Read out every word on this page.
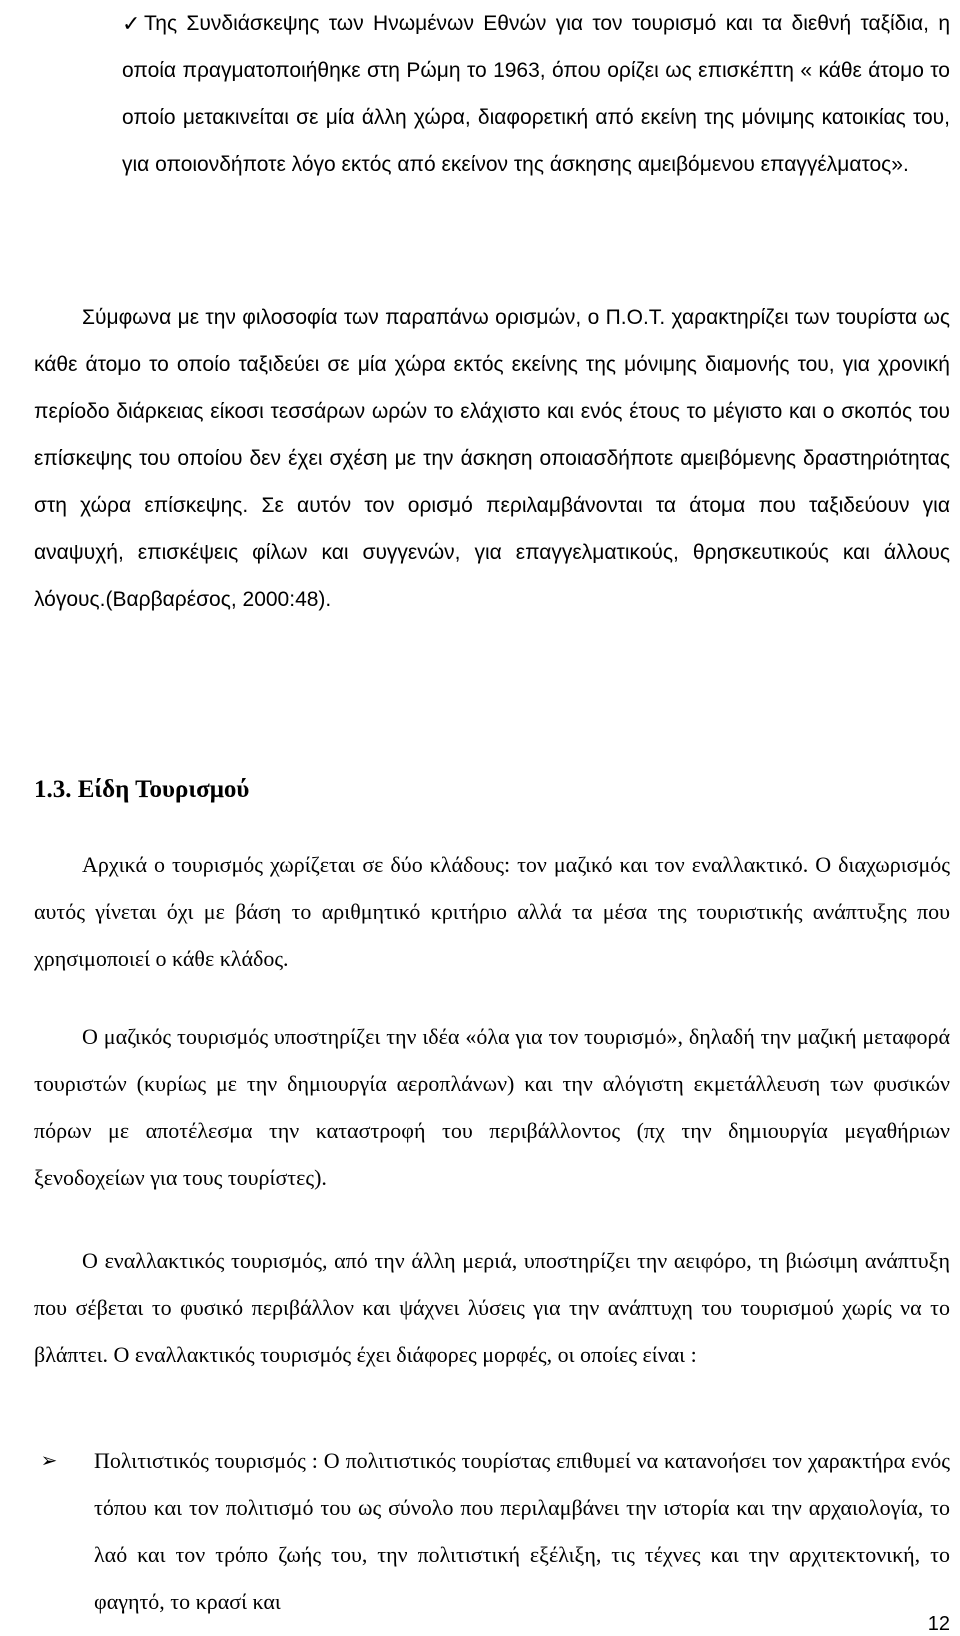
✓ Της Συνδιάσκεψης των Ηνωμένων Εθνών για τον τουρισμό και τα διεθνή ταξίδια, η οποία πραγματοποιήθηκε στη Ρώμη το 1963, όπου ορίζει ως επισκέπτη « κάθε άτομο το οποίο μετακινείται σε μία άλλη χώρα, διαφορετική από εκείνη της μόνιμης κατοικίας του, για οποιονδήποτε λόγο εκτός από εκείνον της άσκησης αμειβόμενου επαγγέλματος».

Σύμφωνα με την φιλοσοφία των παραπάνω ορισμών, ο Π.Ο.Τ. χαρακτηρίζει των τουρίστα ως κάθε άτομο το οποίο ταξιδεύει σε μία χώρα εκτός εκείνης της μόνιμης διαμονής του, για χρονική περίοδο διάρκειας είκοσι τεσσάρων ωρών το ελάχιστο και ενός έτους το μέγιστο και ο σκοπός του επίσκεψης του οποίου δεν έχει σχέση με την άσκηση οποιασδήποτε αμειβόμενης δραστηριότητας στη χώρα επίσκεψης. Σε αυτόν τον ορισμό περιλαμβάνονται τα άτομα που ταξιδεύουν για αναψυχή, επισκέψεις φίλων και συγγενών, για επαγγελματικούς, θρησκευτικούς και άλλους λόγους.(Βαρβαρέσος, 2000:48).

1.3. Είδη Τουρισμού

Αρχικά ο τουρισμός χωρίζεται σε δύο κλάδους: τον μαζικό και τον εναλλακτικό. Ο διαχωρισμός αυτός γίνεται όχι με βάση το αριθμητικό κριτήριο αλλά τα μέσα της τουριστικής ανάπτυξης που χρησιμοποιεί ο κάθε κλάδος.

Ο μαζικός τουρισμός υποστηρίζει την ιδέα «όλα για τον τουρισμό», δηλαδή την μαζική μεταφορά τουριστών (κυρίως με την δημιουργία αεροπλάνων) και την αλόγιστη εκμετάλλευση των φυσικών πόρων με αποτέλεσμα την καταστροφή του περιβάλλοντος (πχ την δημιουργία μεγαθήριων ξενοδοχείων για τους τουρίστες).

Ο εναλλακτικός τουρισμός, από την άλλη μεριά, υποστηρίζει την αειφόρο, τη βιώσιμη ανάπτυξη που σέβεται το φυσικό περιβάλλον και ψάχνει λύσεις για την ανάπτυχη του τουρισμού χωρίς να το βλάπτει. Ο εναλλακτικός τουρισμός έχει διάφορες μορφές, οι οποίες είναι :

➢	Πολιτιστικός τουρισμός : Ο πολιτιστικός τουρίστας επιθυμεί να κατανοήσει τον χαρακτήρα ενός τόπου και τον πολιτισμό του ως σύνολο που περιλαμβάνει την ιστορία και την αρχαιολογία, το λαό και τον τρόπο ζωής του, την πολιτιστική εξέλιξη, τις τέχνες και την αρχιτεκτονική, το φαγητό, το κρασί και

12
